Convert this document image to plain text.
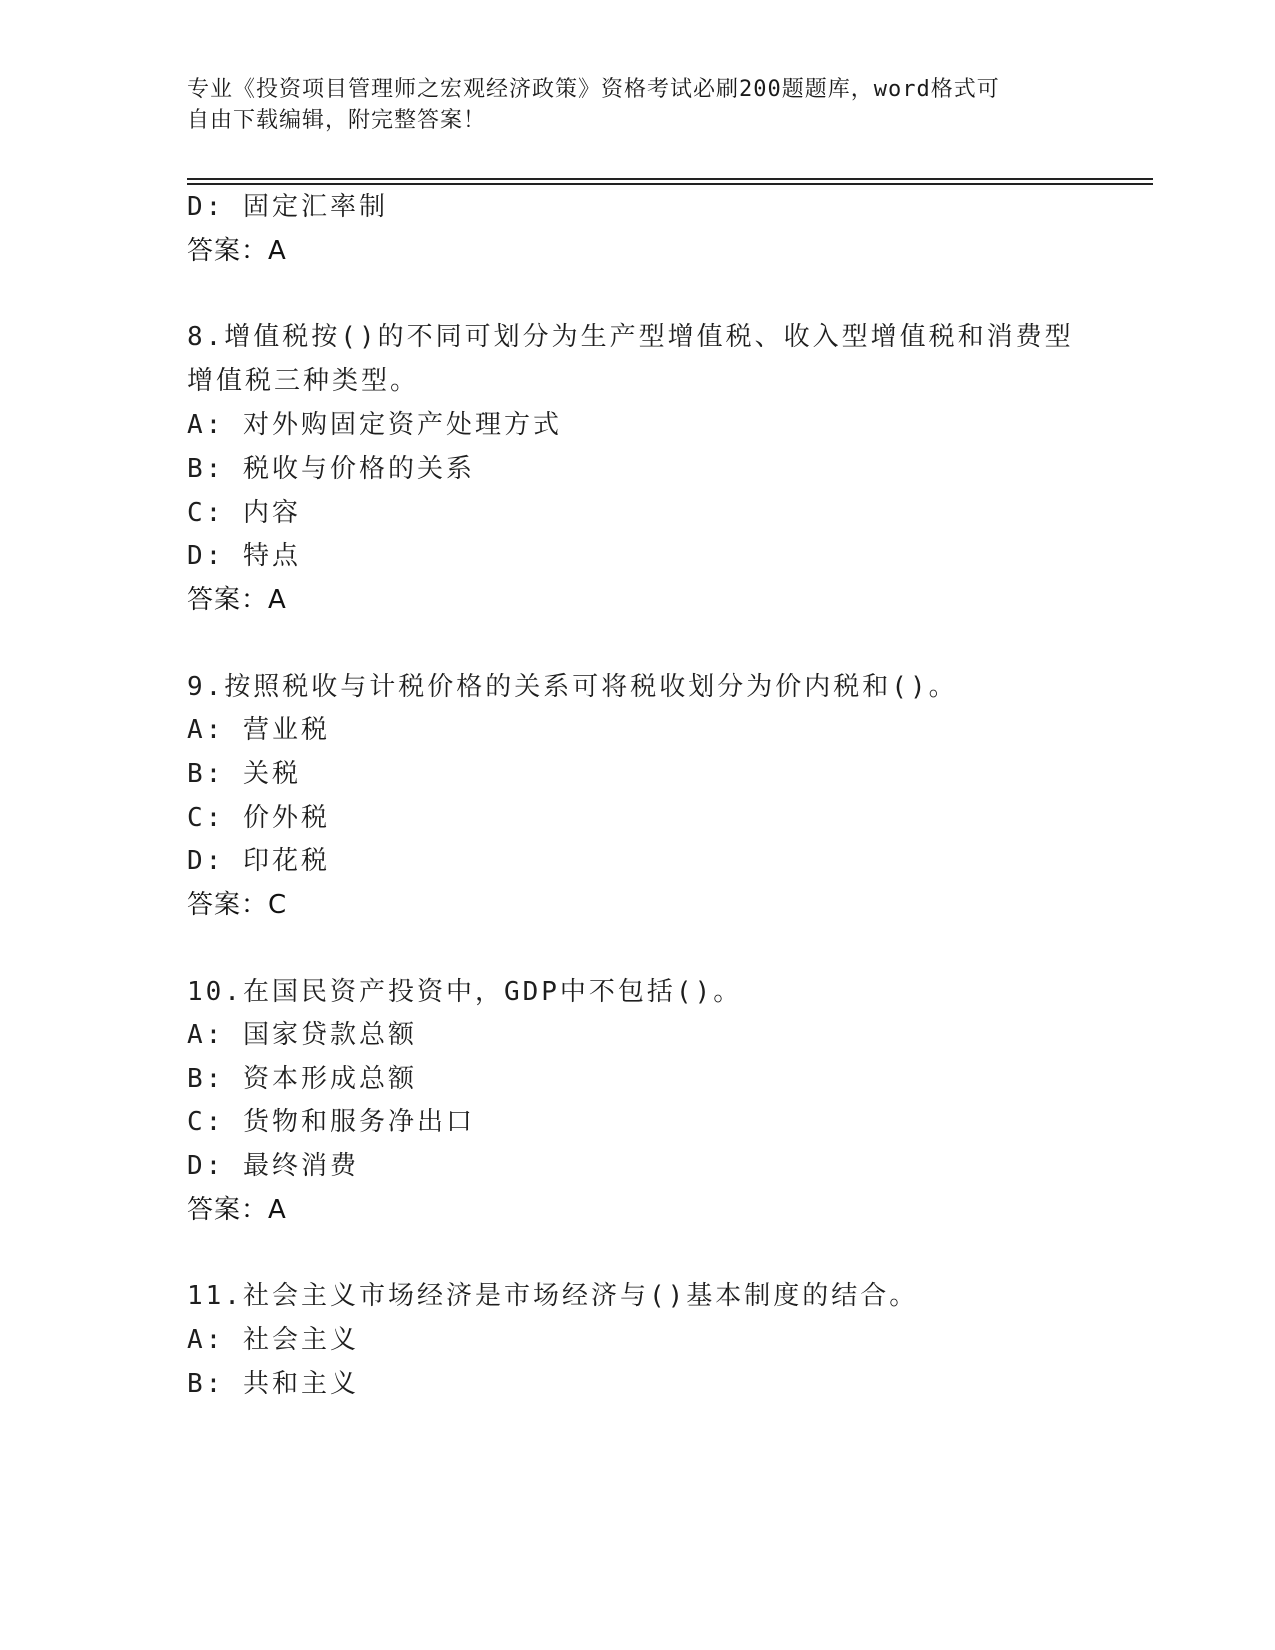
专业《投资项目管理师之宏观经济政策》资格考试必刷200题题库，word格式可
自由下载编辑，附完整答案！
D: 固定汇率制
答案：A
8.增值税按()的不同可划分为生产型增值税、收入型增值税和消费型
增值税三种类型。
A: 对外购固定资产处理方式
B: 税收与价格的关系
C: 内容
D: 特点
答案：A
9.按照税收与计税价格的关系可将税收划分为价内税和()。
A: 营业税
B: 关税
C: 价外税
D: 印花税
答案：C
10.在国民资产投资中，GDP中不包括()。
A: 国家贷款总额
B: 资本形成总额
C: 货物和服务净出口
D: 最终消费
答案：A
11.社会主义市场经济是市场经济与()基本制度的结合。
A: 社会主义
B: 共和主义
